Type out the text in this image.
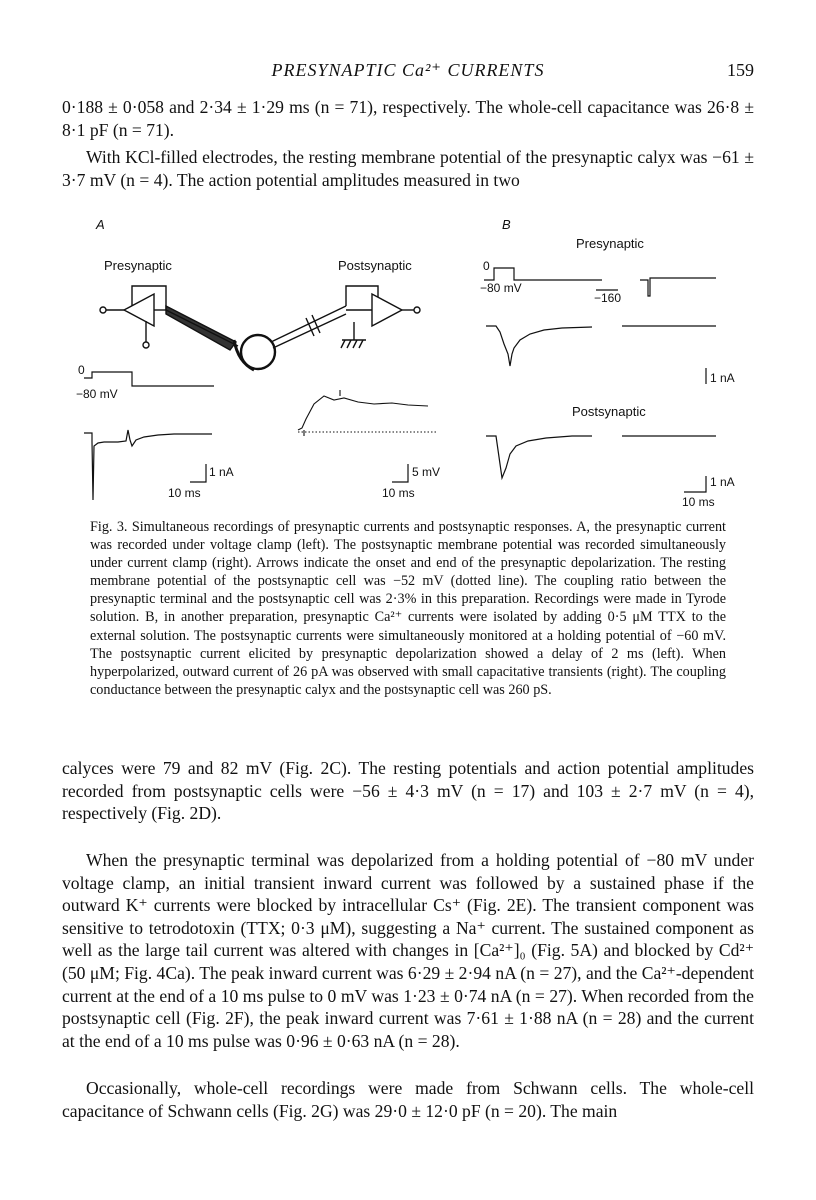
PRESYNAPTIC Ca²⁺ CURRENTS	159

0·188 ± 0·058 and 2·34 ± 1·29 ms (n = 71), respectively. The whole-cell capacitance was 26·8 ± 8·1 pF (n = 71).

With KCl-filled electrodes, the resting membrane potential of the presynaptic calyx was −61 ± 3·7 mV (n = 4). The action potential amplitudes measured in two

A	B
Presynaptic	Postsynaptic
Presynaptic
Postsynaptic
0
−80 mV
1 nA
10 ms
5 mV
10 ms
0
−80 mV
−160
1 nA
1 nA
10 ms

Fig. 3. Simultaneous recordings of presynaptic currents and postsynaptic responses. A, the presynaptic current was recorded under voltage clamp (left). The postsynaptic membrane potential was recorded simultaneously under current clamp (right). Arrows indicate the onset and end of the presynaptic depolarization. The resting membrane potential of the postsynaptic cell was −52 mV (dotted line). The coupling ratio between the presynaptic terminal and the postsynaptic cell was 2·3% in this preparation. Recordings were made in Tyrode solution. B, in another preparation, presynaptic Ca²⁺ currents were isolated by adding 0·5 μM TTX to the external solution. The postsynaptic currents were simultaneously monitored at a holding potential of −60 mV. The postsynaptic current elicited by presynaptic depolarization showed a delay of 2 ms (left). When hyperpolarized, outward current of 26 pA was observed with small capacitative transients (right). The coupling conductance between the presynaptic calyx and the postsynaptic cell was 260 pS.

calyces were 79 and 82 mV (Fig. 2C). The resting potentials and action potential amplitudes recorded from postsynaptic cells were −56 ± 4·3 mV (n = 17) and 103 ± 2·7 mV (n = 4), respectively (Fig. 2D).

When the presynaptic terminal was depolarized from a holding potential of −80 mV under voltage clamp, an initial transient inward current was followed by a sustained phase if the outward K⁺ currents were blocked by intracellular Cs⁺ (Fig. 2E). The transient component was sensitive to tetrodotoxin (TTX; 0·3 μM), suggesting a Na⁺ current. The sustained component as well as the large tail current was altered with changes in [Ca²⁺]₀ (Fig. 5A) and blocked by Cd²⁺ (50 μM; Fig. 4Ca). The peak inward current was 6·29 ± 2·94 nA (n = 27), and the Ca²⁺-dependent current at the end of a 10 ms pulse to 0 mV was 1·23 ± 0·74 nA (n = 27). When recorded from the postsynaptic cell (Fig. 2F), the peak inward current was 7·61 ± 1·88 nA (n = 28) and the current at the end of a 10 ms pulse was 0·96 ± 0·63 nA (n = 28).

Occasionally, whole-cell recordings were made from Schwann cells. The whole-cell capacitance of Schwann cells (Fig. 2G) was 29·0 ± 12·0 pF (n = 20). The main
